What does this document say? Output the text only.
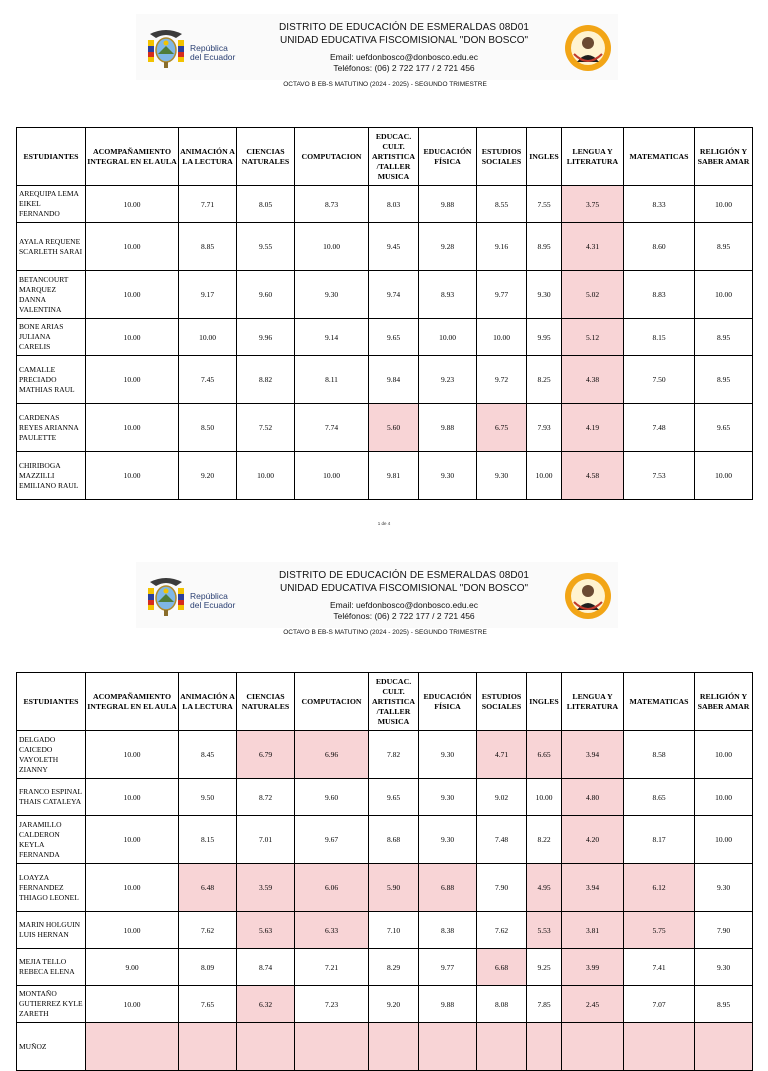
República
del Ecuador
DISTRITO DE EDUCACIÓN DE ESMERALDAS 08D01
UNIDAD EDUCATIVA FISCOMISIONAL "DON BOSCO"
Email: uefdonbosco@donbosco.edu.ec
Teléfonos: (06) 2 722 177 / 2 721 456
OCTAVO B EB-S MATUTINO (2024 - 2025) - SEGUNDO TRIMESTRE
ESTUDIANTES	ACOMPAÑAMIENTO INTEGRAL EN EL AULA	ANIMACIÓN A LA LECTURA	CIENCIAS NATURALES	COMPUTACION	EDUCAC. CULT. ARTISTICA /TALLER MUSICA	EDUCACIÓN FÍSICA	ESTUDIOS SOCIALES	INGLES	LENGUA Y LITERATURA	MATEMATICAS	RELIGIÓN Y SABER AMAR
AREQUIPA LEMA EIKEL FERNANDO	10.00	7.71	8.05	8.73	8.03	9.88	8.55	7.55	3.75	8.33	10.00
AYALA REQUENE SCARLETH SARAI	10.00	8.85	9.55	10.00	9.45	9.28	9.16	8.95	4.31	8.60	8.95
BETANCOURT MARQUEZ DANNA VALENTINA	10.00	9.17	9.60	9.30	9.74	8.93	9.77	9.30	5.02	8.83	10.00
BONE ARIAS JULIANA CARELIS	10.00	10.00	9.96	9.14	9.65	10.00	10.00	9.95	5.12	8.15	8.95
CAMALLE PRECIADO MATHIAS RAUL	10.00	7.45	8.82	8.11	9.84	9.23	9.72	8.25	4.38	7.50	8.95
CARDENAS REYES ARIANNA PAULETTE	10.00	8.50	7.52	7.74	5.60	9.88	6.75	7.93	4.19	7.48	9.65
CHIRIBOGA MAZZILLI EMILIANO RAUL	10.00	9.20	10.00	10.00	9.81	9.30	9.30	10.00	4.58	7.53	10.00
1 de 4
República
del Ecuador
DISTRITO DE EDUCACIÓN DE ESMERALDAS 08D01
UNIDAD EDUCATIVA FISCOMISIONAL "DON BOSCO"
Email: uefdonbosco@donbosco.edu.ec
Teléfonos: (06) 2 722 177 / 2 721 456
OCTAVO B EB-S MATUTINO (2024 - 2025) - SEGUNDO TRIMESTRE
ESTUDIANTES	ACOMPAÑAMIENTO INTEGRAL EN EL AULA	ANIMACIÓN A LA LECTURA	CIENCIAS NATURALES	COMPUTACION	EDUCAC. CULT. ARTISTICA /TALLER MUSICA	EDUCACIÓN FÍSICA	ESTUDIOS SOCIALES	INGLES	LENGUA Y LITERATURA	MATEMATICAS	RELIGIÓN Y SABER AMAR
DELGADO CAICEDO VAYOLETH ZIANNY	10.00	8.45	6.79	6.96	7.82	9.30	4.71	6.65	3.94	8.58	10.00
FRANCO ESPINAL THAIS CATALEYA	10.00	9.50	8.72	9.60	9.65	9.30	9.02	10.00	4.80	8.65	10.00
JARAMILLO CALDERON KEYLA FERNANDA	10.00	8.15	7.01	9.67	8.68	9.30	7.48	8.22	4.20	8.17	10.00
LOAYZA FERNANDEZ THIAGO LEONEL	10.00	6.48	3.59	6.06	5.90	6.88	7.90	4.95	3.94	6.12	9.30
MARIN HOLGUIN LUIS HERNAN	10.00	7.62	5.63	6.33	7.10	8.38	7.62	5.53	3.81	5.75	7.90
MEJIA TELLO REBECA ELENA	9.00	8.09	8.74	7.21	8.29	9.77	6.68	9.25	3.99	7.41	9.30
MONTAÑO GUTIERREZ KYLE ZARETH	10.00	7.65	6.32	7.23	9.20	9.88	8.08	7.85	2.45	7.07	8.95
MUÑOZ											
